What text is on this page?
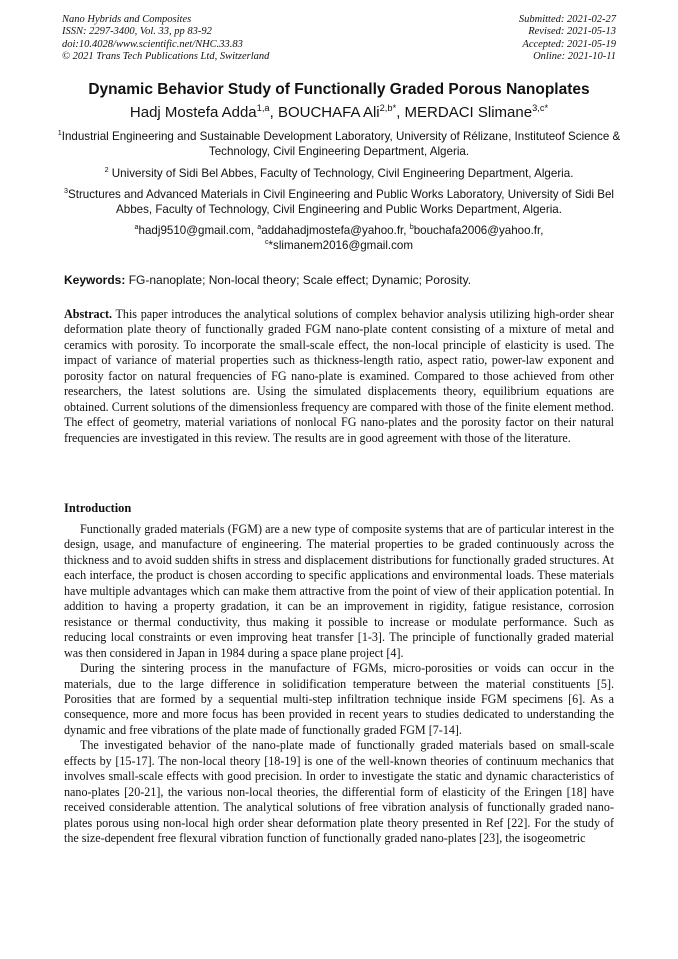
Nano Hybrids and Composites
ISSN: 2297-3400, Vol. 33, pp 83-92
doi:10.4028/www.scientific.net/NHC.33.83
© 2021 Trans Tech Publications Ltd, Switzerland
Submitted: 2021-02-27
Revised: 2021-05-13
Accepted: 2021-05-19
Online: 2021-10-11
Dynamic Behavior Study of Functionally Graded Porous Nanoplates
Hadj Mostefa Adda$^{1,a}$, BOUCHAFA Ali$^{2,b*}$, MERDACI Slimane$^{3,c*}$
$^1$Industrial Engineering and Sustainable Development Laboratory, University of Rélizane, Instituteof Science & Technology, Civil Engineering Department, Algeria.
$^2$ University of Sidi Bel Abbes, Faculty of Technology, Civil Engineering Department, Algeria.
$^3$Structures and Advanced Materials in Civil Engineering and Public Works Laboratory, University of Sidi Bel Abbes, Faculty of Technology, Civil Engineering and Public Works Department, Algeria.
$^a$hadj9510@gmail.com, $^a$addahadjmostefa@yahoo.fr, $^b$bouchafa2006@yahoo.fr,
$^c$*slimanem2016@gmail.com
Keywords: FG-nanoplate; Non-local theory; Scale effect; Dynamic; Porosity.
Abstract. This paper introduces the analytical solutions of complex behavior analysis utilizing high-order shear deformation plate theory of functionally graded FGM nano-plate content consisting of a mixture of metal and ceramics with porosity. To incorporate the small-scale effect, the non-local principle of elasticity is used. The impact of variance of material properties such as thickness-length ratio, aspect ratio, power-law exponent and porosity factor on natural frequencies of FG nano-plate is examined. Compared to those achieved from other researchers, the latest solutions are. Using the simulated displacements theory, equilibrium equations are obtained. Current solutions of the dimensionless frequency are compared with those of the finite element method. The effect of geometry, material variations of nonlocal FG nano-plates and the porosity factor on their natural frequencies are investigated in this review. The results are in good agreement with those of the literature.
Introduction

Functionally graded materials (FGM) are a new type of composite systems that are of particular interest in the design, usage, and manufacture of engineering. The material properties to be graded continuously across the thickness and to avoid sudden shifts in stress and displacement distributions for functionally graded structures. At each interface, the product is chosen according to specific applications and environmental loads. These materials have multiple advantages which can make them attractive from the point of view of their application potential. In addition to having a property gradation, it can be an improvement in rigidity, fatigue resistance, corrosion resistance or thermal conductivity, thus making it possible to increase or modulate performance. Such as reducing local constraints or even improving heat transfer [1-3]. The principle of functionally graded material was then considered in Japan in 1984 during a space plane project [4].

During the sintering process in the manufacture of FGMs, micro-porosities or voids can occur in the materials, due to the large difference in solidification temperature between the material constituents [5]. Porosities that are formed by a sequential multi-step infiltration technique inside FGM specimens [6]. As a consequence, more and more focus has been provided in recent years to studies dedicated to understanding the dynamic and free vibrations of the plate made of functionally graded FGM [7-14].

The investigated behavior of the nano-plate made of functionally graded materials based on small-scale effects by [15-17]. The non-local theory [18-19] is one of the well-known theories of continuum mechanics that involves small-scale effects with good precision. In order to investigate the static and dynamic characteristics of nano-plates [20-21], the various non-local theories, the differential form of elasticity of the Eringen [18] have received considerable attention. The analytical solutions of free vibration analysis of functionally graded nano-plates porous using non-local high order shear deformation plate theory presented in Ref [22]. For the study of the size-dependent free flexural vibration function of functionally graded nano-plates [23], the isogeometric
